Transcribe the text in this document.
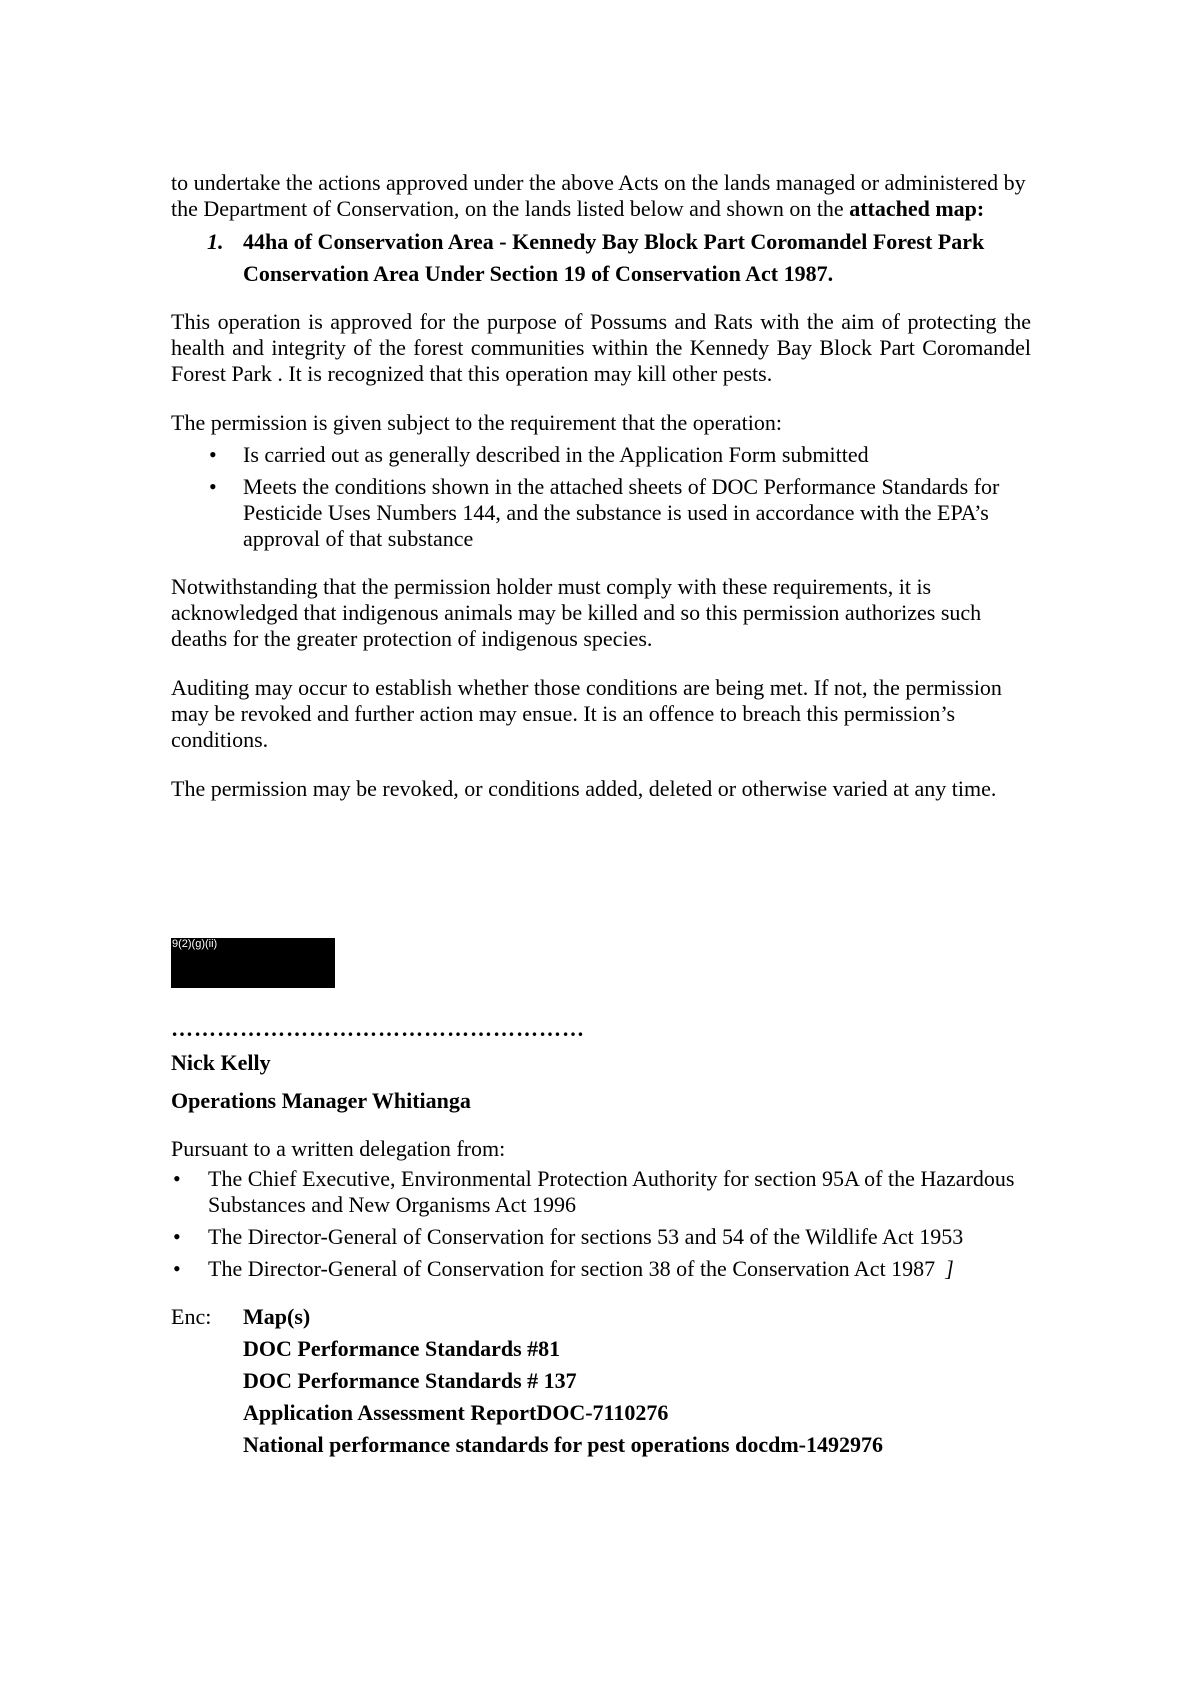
to undertake the actions approved under the above Acts on the lands managed or administered by the Department of Conservation, on the lands listed below and shown on the attached map:

1. 44ha of Conservation Area - Kennedy Bay Block Part Coromandel Forest Park
Conservation Area Under Section 19 of Conservation Act 1987.

This operation is approved for the purpose of Possums and Rats with the aim of protecting the health and integrity of the forest communities within the Kennedy Bay Block Part Coromandel Forest Park . It is recognized that this operation may kill other pests.

The permission is given subject to the requirement that the operation:

• Is carried out as generally described in the Application Form submitted
• Meets the conditions shown in the attached sheets of DOC Performance Standards for Pesticide Uses Numbers 144, and the substance is used in accordance with the EPA’s approval of that substance

Notwithstanding that the permission holder must comply with these requirements, it is acknowledged that indigenous animals may be killed and so this permission authorizes such deaths for the greater protection of indigenous species.

Auditing may occur to establish whether those conditions are being met. If not, the permission may be revoked and further action may ensue. It is an offence to breach this permission’s conditions.

The permission may be revoked, or conditions added, deleted or otherwise varied at any time.

9(2)(g)(ii)

………………………………………………

Nick Kelly

Operations Manager Whitianga

Pursuant to a written delegation from:

• The Chief Executive, Environmental Protection Authority for section 95A of the Hazardous Substances and New Organisms Act 1996
• The Director-General of Conservation for sections 53 and 54 of the Wildlife Act 1953
• The Director-General of Conservation for section 38 of the Conservation Act 1987 ]
Enc:	Map(s)

DOC Performance Standards #81

DOC Performance Standards # 137

Application Assessment ReportDOC-7110276

National performance standards for pest operations docdm-1492976
